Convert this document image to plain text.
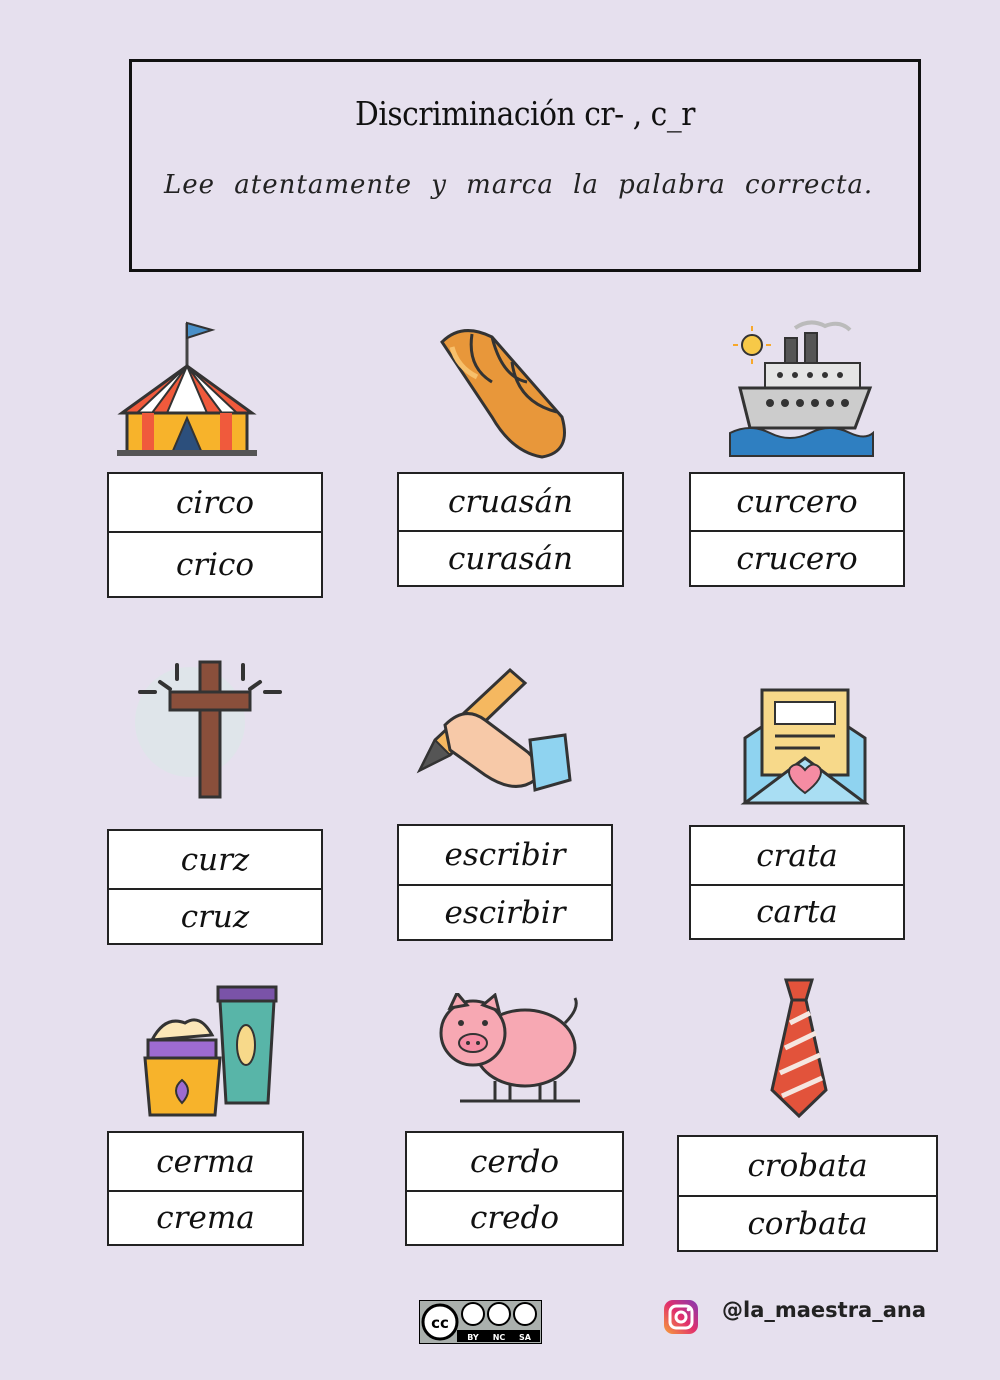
Discriminación cr- , c_r
Lee atentamente y marca la palabra correcta.
circo
crico
cruasán
curasán
curcero
crucero
curz
cruz
escribir
escirbir
crata
carta
cerma
crema
cerdo
credo
crobata
corbata
cc
BY NC SA
@la_maestra_ana
